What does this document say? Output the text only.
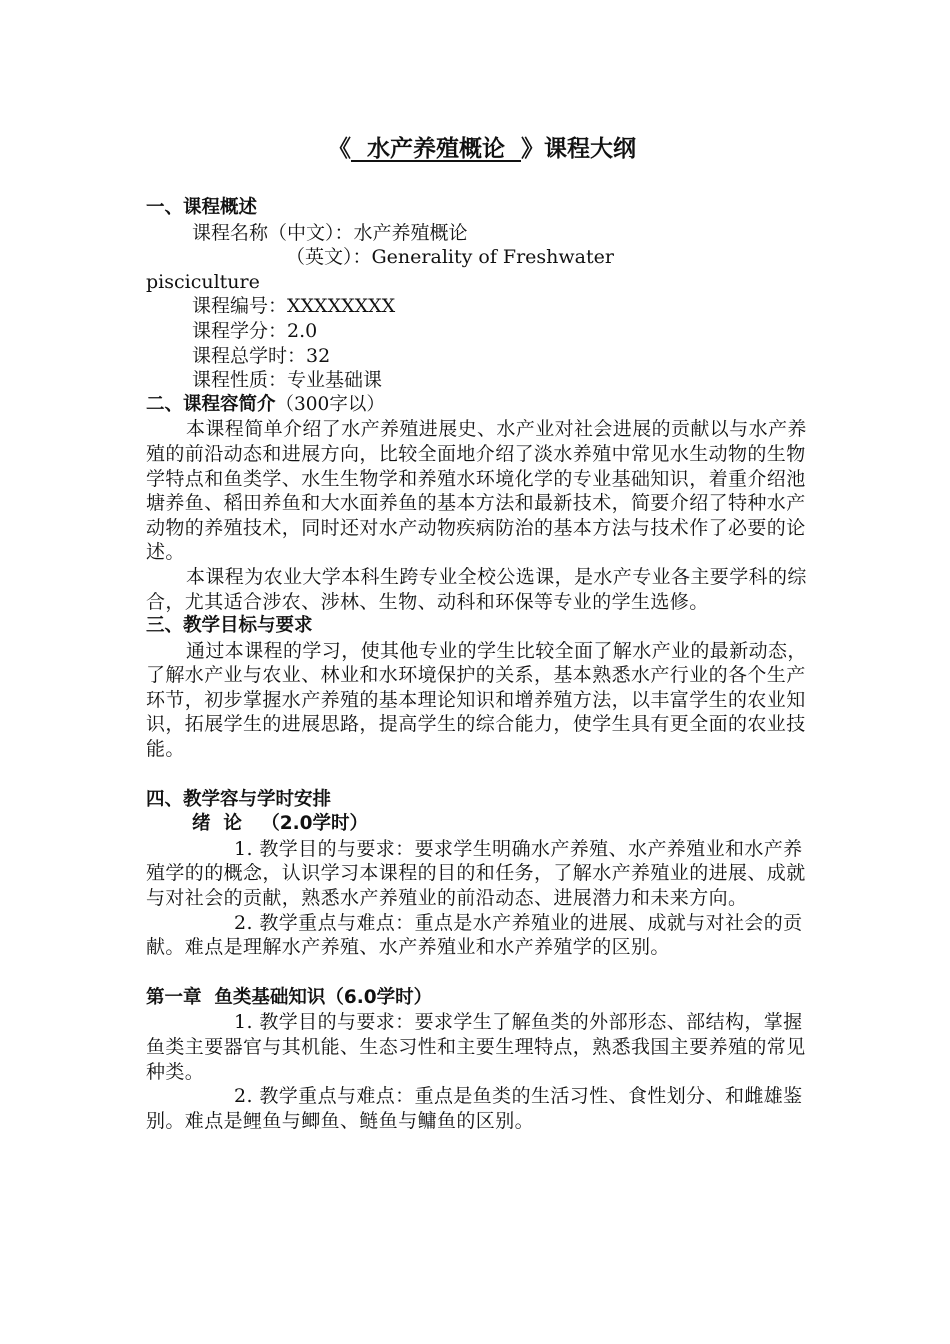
《  水产养殖概论  》课程大纲
一、课程概述
课程名称（中文）：水产养殖概论
（英文）：Generality of Freshwater
pisciculture
课程编号：XXXXXXXX
课程学分：2.0
课程总学时：32
课程性质：专业基础课
二、课程容简介（300字以）
本课程简单介绍了水产养殖进展史、水产业对社会进展的贡献以与水产养殖的前沿动态和进展方向，比较全面地介绍了淡水养殖中常见水生动物的生物学特点和鱼类学、水生生物学和养殖水环境化学的专业基础知识，着重介绍池塘养鱼、稻田养鱼和大水面养鱼的基本方法和最新技术，简要介绍了特种水产动物的养殖技术，同时还对水产动物疾病防治的基本方法与技术作了必要的论述。
本课程为农业大学本科生跨专业全校公选课，是水产专业各主要学科的综合，尤其适合涉农、涉林、生物、动科和环保等专业的学生选修。
三、教学目标与要求
通过本课程的学习，使其他专业的学生比较全面了解水产业的最新动态，了解水产业与农业、林业和水环境保护的关系，基本熟悉水产行业的各个生产环节，初步掌握水产养殖的基本理论知识和增养殖方法，以丰富学生的农业知识，拓展学生的进展思路，提高学生的综合能力，使学生具有更全面的农业技能。
四、教学容与学时安排
绪  论   （2.0学时）
1. 教学目的与要求：要求学生明确水产养殖、水产养殖业和水产养殖学的的概念，认识学习本课程的目的和任务，了解水产养殖业的进展、成就与对社会的贡献，熟悉水产养殖业的前沿动态、进展潜力和未来方向。
2. 教学重点与难点：重点是水产养殖业的进展、成就与对社会的贡献。难点是理解水产养殖、水产养殖业和水产养殖学的区别。
第一章  鱼类基础知识（6.0学时）
1. 教学目的与要求：要求学生了解鱼类的外部形态、部结构，掌握鱼类主要器官与其机能、生态习性和主要生理特点，熟悉我国主要养殖的常见种类。
2. 教学重点与难点：重点是鱼类的生活习性、食性划分、和雌雄鉴别。难点是鲤鱼与鲫鱼、鲢鱼与鳙鱼的区别。
